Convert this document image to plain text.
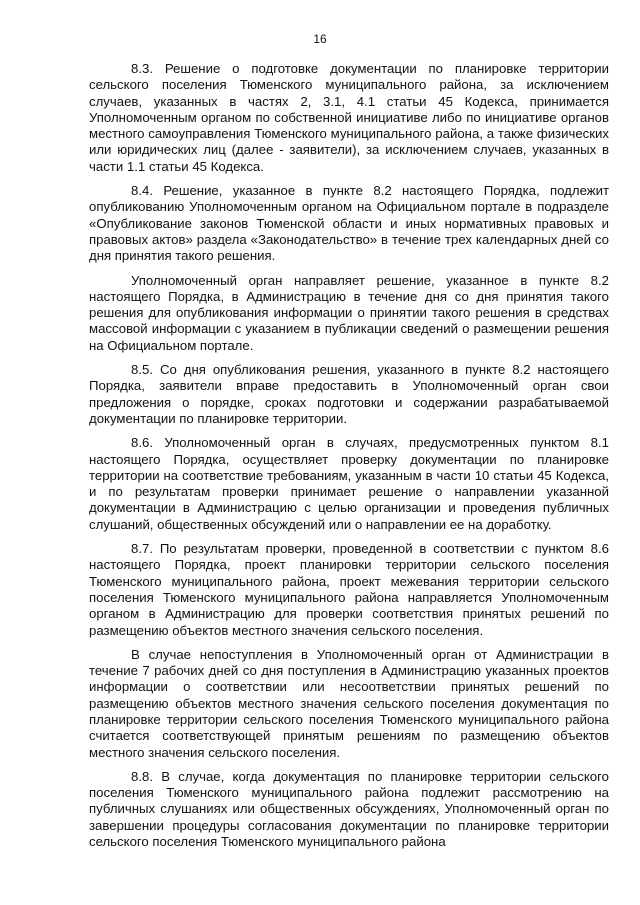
16

8.3. Решение о подготовке документации по планировке территории сельского поселения Тюменского муниципального района, за исключением случаев, указанных в частях 2, 3.1, 4.1 статьи 45 Кодекса, принимается Уполномоченным органом по собственной инициативе либо по инициативе органов местного самоуправления Тюменского муниципального района, а также физических или юридических лиц (далее - заявители), за исключением случаев, указанных в части 1.1 статьи 45 Кодекса.

8.4. Решение, указанное в пункте 8.2 настоящего Порядка, подлежит опубликованию Уполномоченным органом на Официальном портале в подразделе «Опубликование законов Тюменской области и иных нормативных правовых и правовых актов» раздела «Законодательство» в течение трех календарных дней со дня принятия такого решения.

Уполномоченный орган направляет решение, указанное в пункте 8.2 настоящего Порядка, в Администрацию в течение дня со дня принятия такого решения для опубликования информации о принятии такого решения в средствах массовой информации с указанием в публикации сведений о размещении решения на Официальном портале.

8.5. Со дня опубликования решения, указанного в пункте 8.2 настоящего Порядка, заявители вправе предоставить в Уполномоченный орган свои предложения о порядке, сроках подготовки и содержании разрабатываемой документации по планировке территории.

8.6. Уполномоченный орган в случаях, предусмотренных пунктом 8.1 настоящего Порядка, осуществляет проверку документации по планировке территории на соответствие требованиям, указанным в части 10 статьи 45 Кодекса, и по результатам проверки принимает решение о направлении указанной документации в Администрацию с целью организации и проведения публичных слушаний, общественных обсуждений или о направлении ее на доработку.

8.7. По результатам проверки, проведенной в соответствии с пунктом 8.6 настоящего Порядка, проект планировки территории сельского поселения Тюменского муниципального района, проект межевания территории сельского поселения Тюменского муниципального района направляется Уполномоченным органом в Администрацию для проверки соответствия принятых решений по размещению объектов местного значения сельского поселения.

В случае непоступления в Уполномоченный орган от Администрации в течение 7 рабочих дней со дня поступления в Администрацию указанных проектов информации о соответствии или несоответствии принятых решений по размещению объектов местного значения сельского поселения документация по планировке территории сельского поселения Тюменского муниципального района считается соответствующей принятым решениям по размещению объектов местного значения сельского поселения.

8.8. В случае, когда документация по планировке территории сельского поселения Тюменского муниципального района подлежит рассмотрению на публичных слушаниях или общественных обсуждениях, Уполномоченный орган по завершении процедуры согласования документации по планировке территории сельского поселения Тюменского муниципального района
